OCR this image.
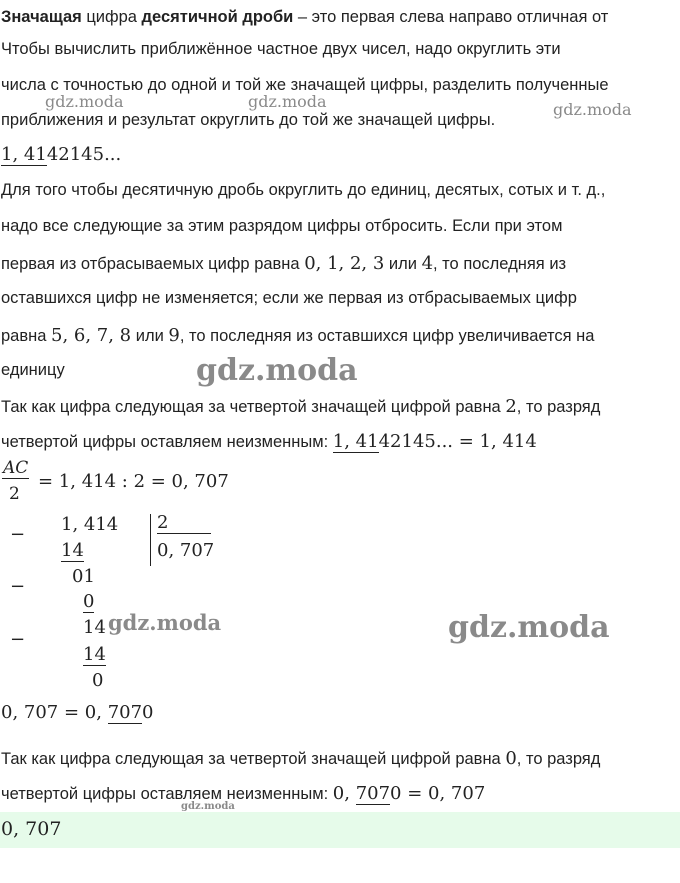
Значащая цифра десятичной дроби – это первая слева направо отличная от
Чтобы вычислить приближённое частное двух чисел, надо округлить эти
числа с точностью до одной и той же значащей цифры, разделить полученные
приближения и результат округлить до той же значащей цифры.
1, 4142145...
Для того чтобы десятичную дробь округлить до единиц, десятых, сотых и т. д.,
надо все следующие за этим разрядом цифры отбросить. Если при этом
первая из отбрасываемых цифр равна 0, 1, 2, 3 или 4, то последняя из
оставшихся цифр не изменяется; если же первая из отбрасываемых цифр
равна 5, 6, 7, 8 или 9, то последняя из оставшихся цифр увеличивается на
единицу
Так как цифра следующая за четвертой значащей цифрой равна 2, то разряд
четвертой цифры оставляем неизменным: 1, 4142145... = 1, 414
AC
2
= 1, 414 : 2 = 0, 707
− 1, 414 2
0, 707
14
01
−
0
14
−
14
0
0, 707 = 0, 7070
Так как цифра следующая за четвертой значащей цифрой равна 0, то разряд
четвертой цифры оставляем неизменным: 0, 7070 = 0, 707
0, 707
gdz.moda	gdz.moda	gdz.moda
gdz.moda
gdz.moda	gdz.moda
gdz.moda
